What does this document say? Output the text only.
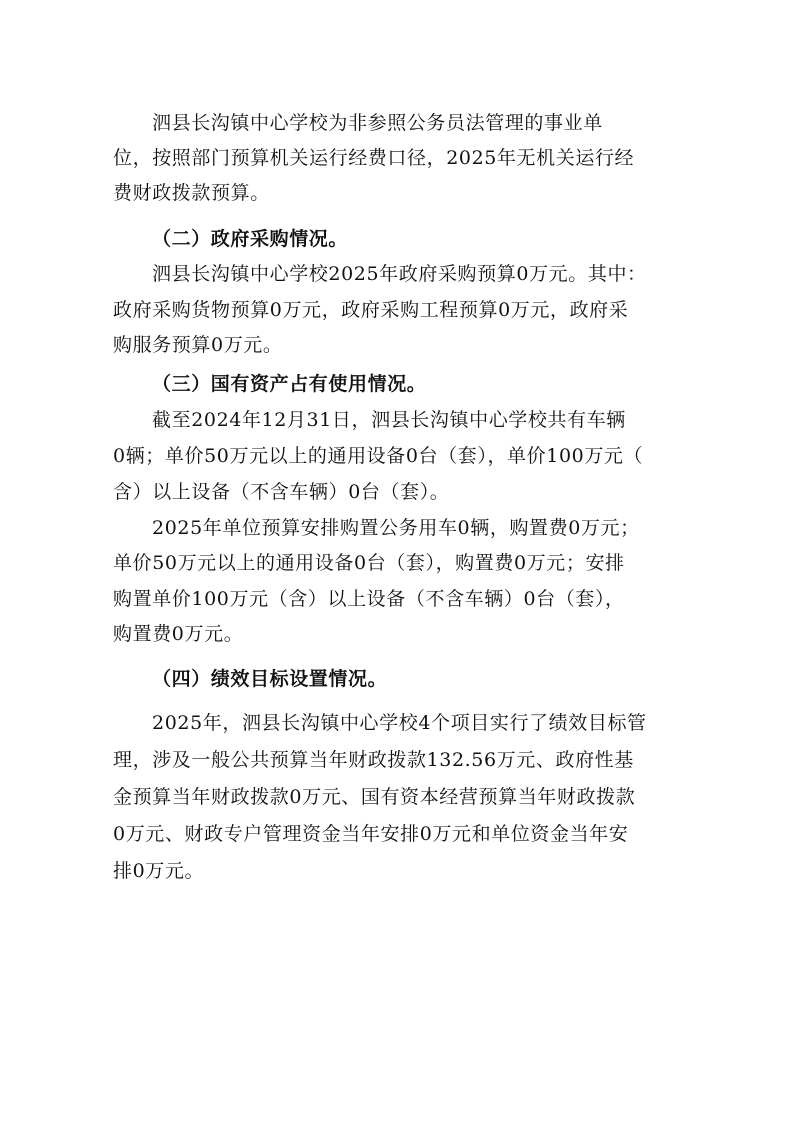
泗县长沟镇中心学校为非参照公务员法管理的事业单
位，按照部门预算机关运行经费口径，2025年无机关运行经
费财政拨款预算。
（二）政府采购情况。
泗县长沟镇中心学校2025年政府采购预算0万元。其中：
政府采购货物预算0万元，政府采购工程预算0万元，政府采
购服务预算0万元。
（三）国有资产占有使用情况。
截至2024年12月31日，泗县长沟镇中心学校共有车辆
0辆；单价50万元以上的通用设备0台（套），单价100万元（
含）以上设备（不含车辆）0台（套）。
2025年单位预算安排购置公务用车0辆，购置费0万元；
单价50万元以上的通用设备0台（套），购置费0万元；安排
购置单价100万元（含）以上设备（不含车辆）0台（套），
购置费0万元。
（四）绩效目标设置情况。
2025年，泗县长沟镇中心学校4个项目实行了绩效目标管
理，涉及一般公共预算当年财政拨款132.56万元、政府性基
金预算当年财政拨款0万元、国有资本经营预算当年财政拨款
0万元、财政专户管理资金当年安排0万元和单位资金当年安
排0万元。
